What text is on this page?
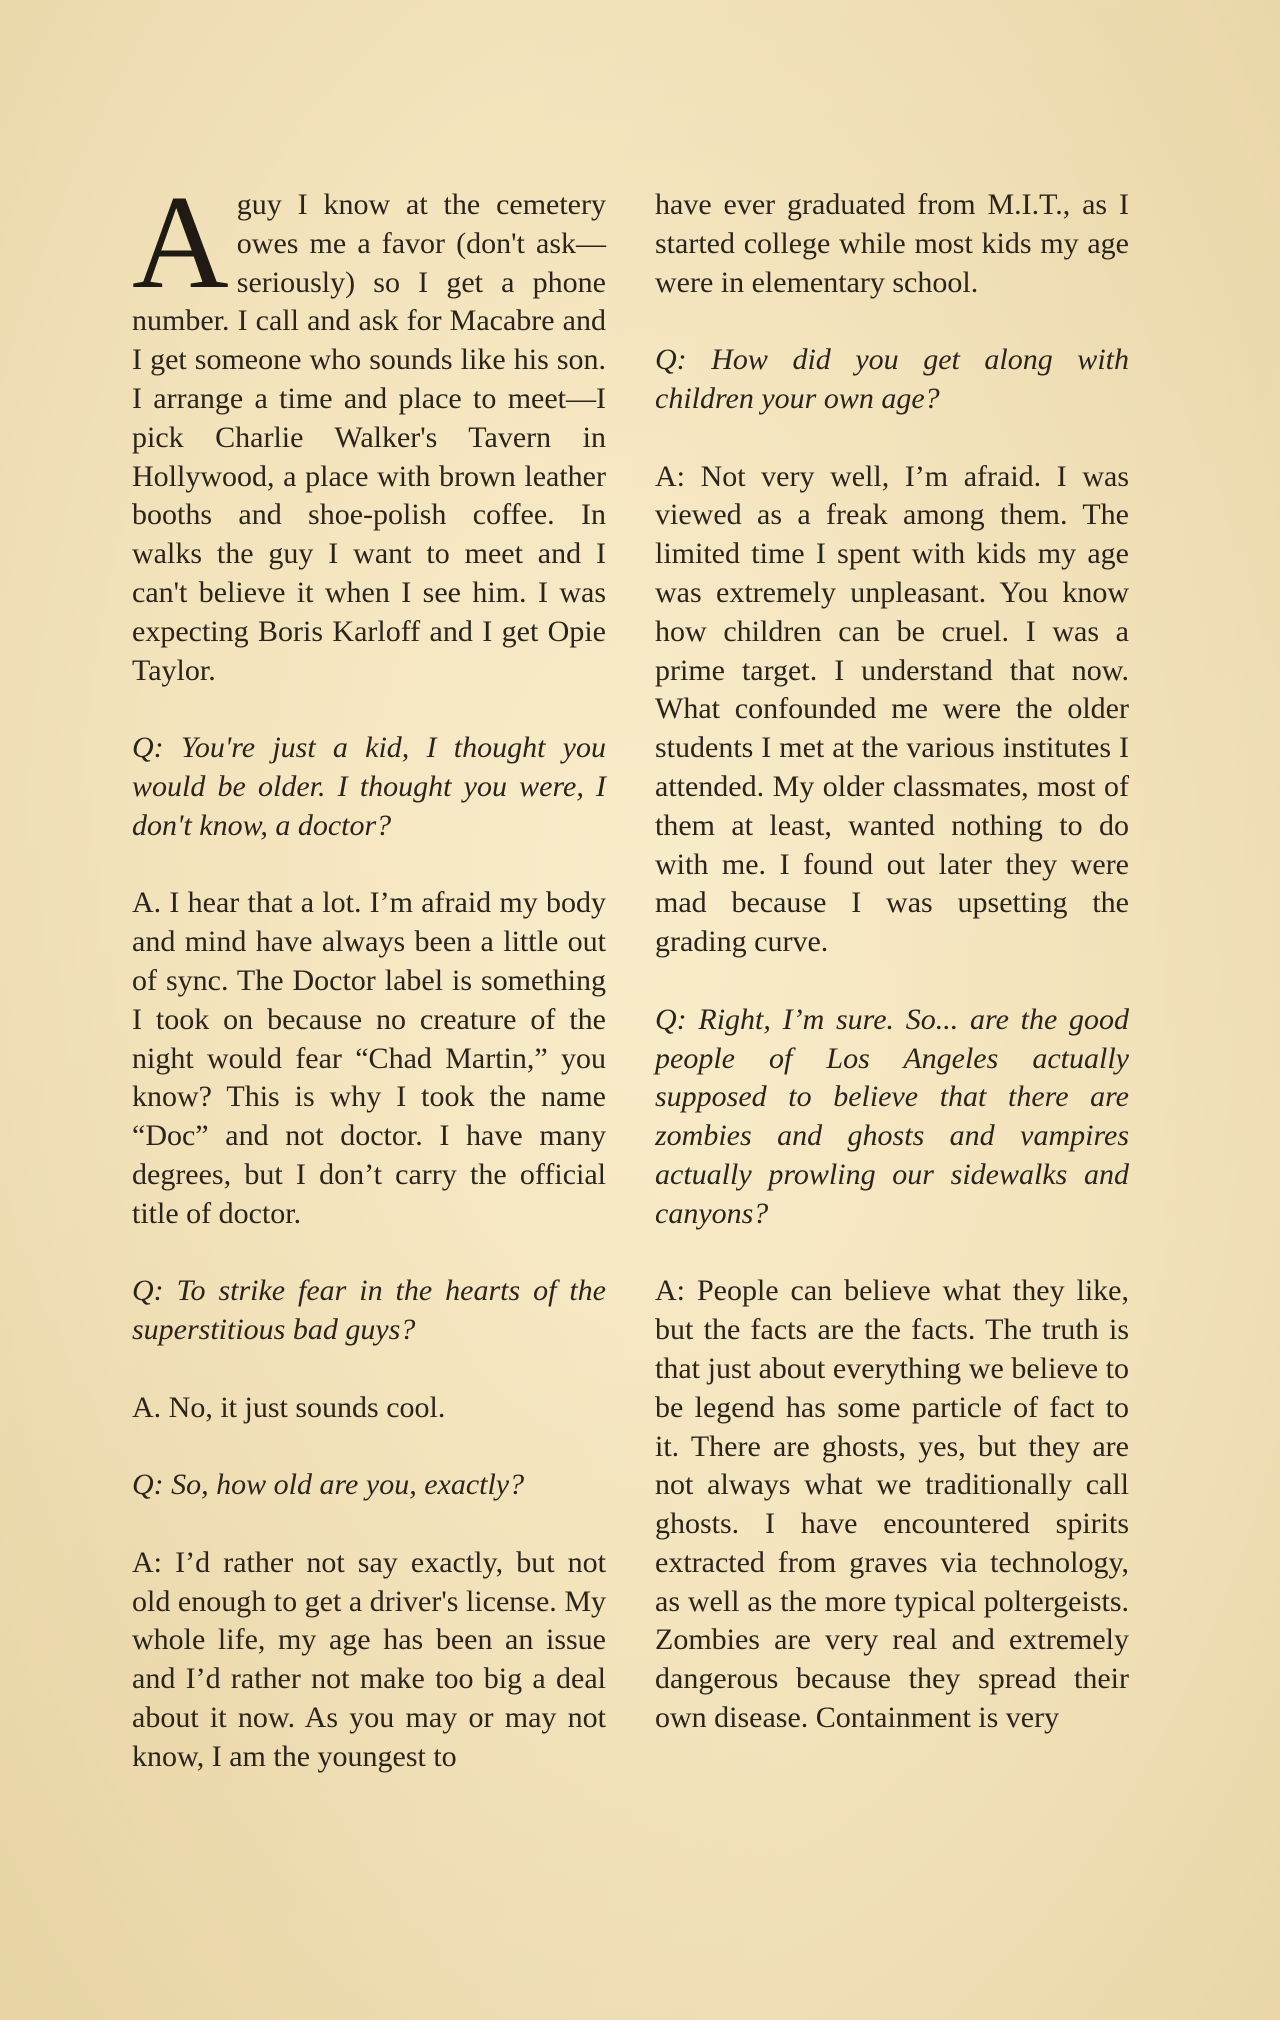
Aguy I know at the cemetery owes me a favor (don't ask—seriously) so I get a phone number. I call and ask for Macabre and I get someone who sounds like his son. I arrange a time and place to meet—I pick Charlie Walker's Tavern in Hollywood, a place with brown leather booths and shoe-polish coffee. In walks the guy I want to meet and I can't believe it when I see him. I was expecting Boris Karloff and I get Opie Taylor.

Q: You're just a kid, I thought you would be older. I thought you were, I don't know, a doctor?

A. I hear that a lot. I’m afraid my body and mind have always been a little out of sync. The Doctor label is something I took on because no creature of the night would fear “Chad Martin,” you know? This is why I took the name “Doc” and not doctor. I have many degrees, but I don’t carry the official title of doctor.

Q: To strike fear in the hearts of the superstitious bad guys?

A. No, it just sounds cool.

Q: So, how old are you, exactly?

A: I’d rather not say exactly, but not old enough to get a driver's license. My whole life, my age has been an issue and I’d rather not make too big a deal about it now. As you may or may not know, I am the youngest to

have ever graduated from M.I.T., as I started college while most kids my age were in elementary school.

Q: How did you get along with children your own age?

A: Not very well, I’m afraid. I was viewed as a freak among them. The limited time I spent with kids my age was extremely unpleasant. You know how children can be cruel. I was a prime target. I understand that now. What confounded me were the older students I met at the various institutes I attended. My older classmates, most of them at least, wanted nothing to do with me. I found out later they were mad because I was upsetting the grading curve.

Q: Right, I’m sure. So... are the good people of Los Angeles actually supposed to believe that there are zombies and ghosts and vampires actually prowling our sidewalks and canyons?

A: People can believe what they like, but the facts are the facts. The truth is that just about everything we believe to be legend has some particle of fact to it. There are ghosts, yes, but they are not always what we traditionally call ghosts. I have encountered spirits extracted from graves via technology, as well as the more typical poltergeists. Zombies are very real and extremely dangerous because they spread their own disease. Containment is very
